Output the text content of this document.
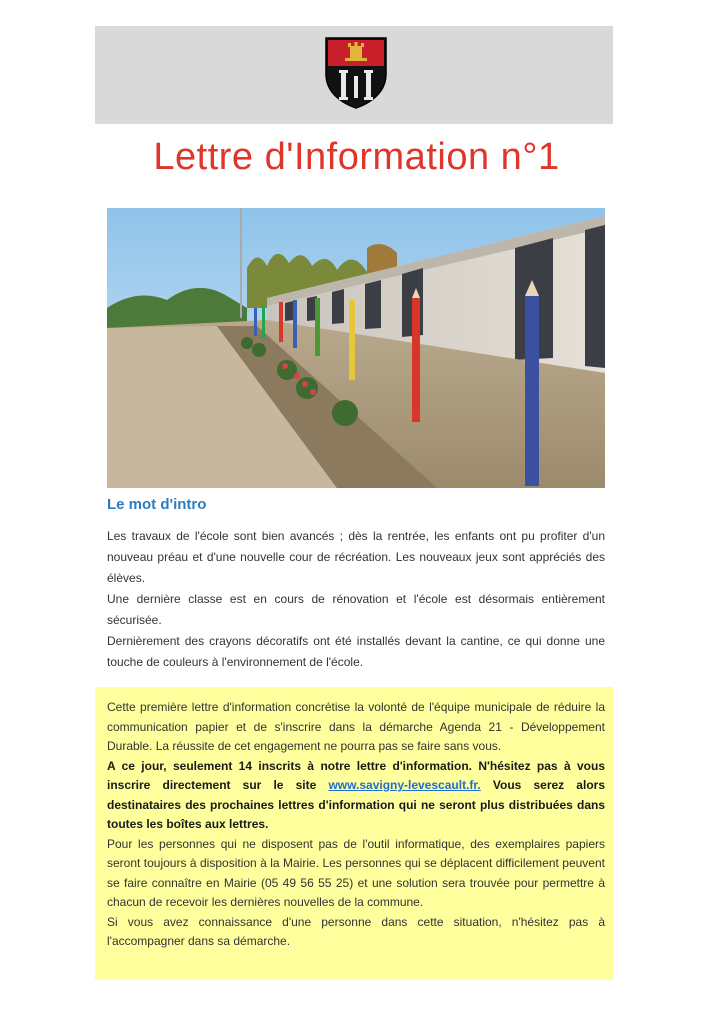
Lettre d'Information n°1
Le mot d'intro

Les travaux de l'école sont bien avancés ; dès la rentrée, les enfants ont pu profiter d'un nouveau préau et d'une nouvelle cour de récréation. Les nouveaux jeux sont appréciés des élèves.

Une dernière classe est en cours de rénovation et l'école est désormais entièrement sécurisée.

Dernièrement des crayons décoratifs ont été installés devant la cantine, ce qui donne une touche de couleurs à l'environnement de l'école.

Cette première lettre d'information concrétise la volonté de l'équipe municipale de réduire la communication papier et de s'inscrire dans la démarche Agenda 21 - Développement Durable. La réussite de cet engagement ne pourra pas se faire sans vous.

A ce jour, seulement 14 inscrits à notre lettre d'information. N'hésitez pas à vous inscrire directement sur le site www.savigny-levescault.fr. Vous serez alors destinataires des prochaines lettres d'information qui ne seront plus distribuées dans toutes les boîtes aux lettres.

Pour les personnes qui ne disposent pas de l'outil informatique, des exemplaires papiers seront toujours à disposition à la Mairie. Les personnes qui se déplacent difficilement peuvent se faire connaître en Mairie (05 49 56 55 25) et une solution sera trouvée pour permettre à chacun de recevoir les dernières nouvelles de la commune.

Si vous avez connaissance d'une personne dans cette situation, n'hésitez pas à l'accompagner dans sa démarche.
